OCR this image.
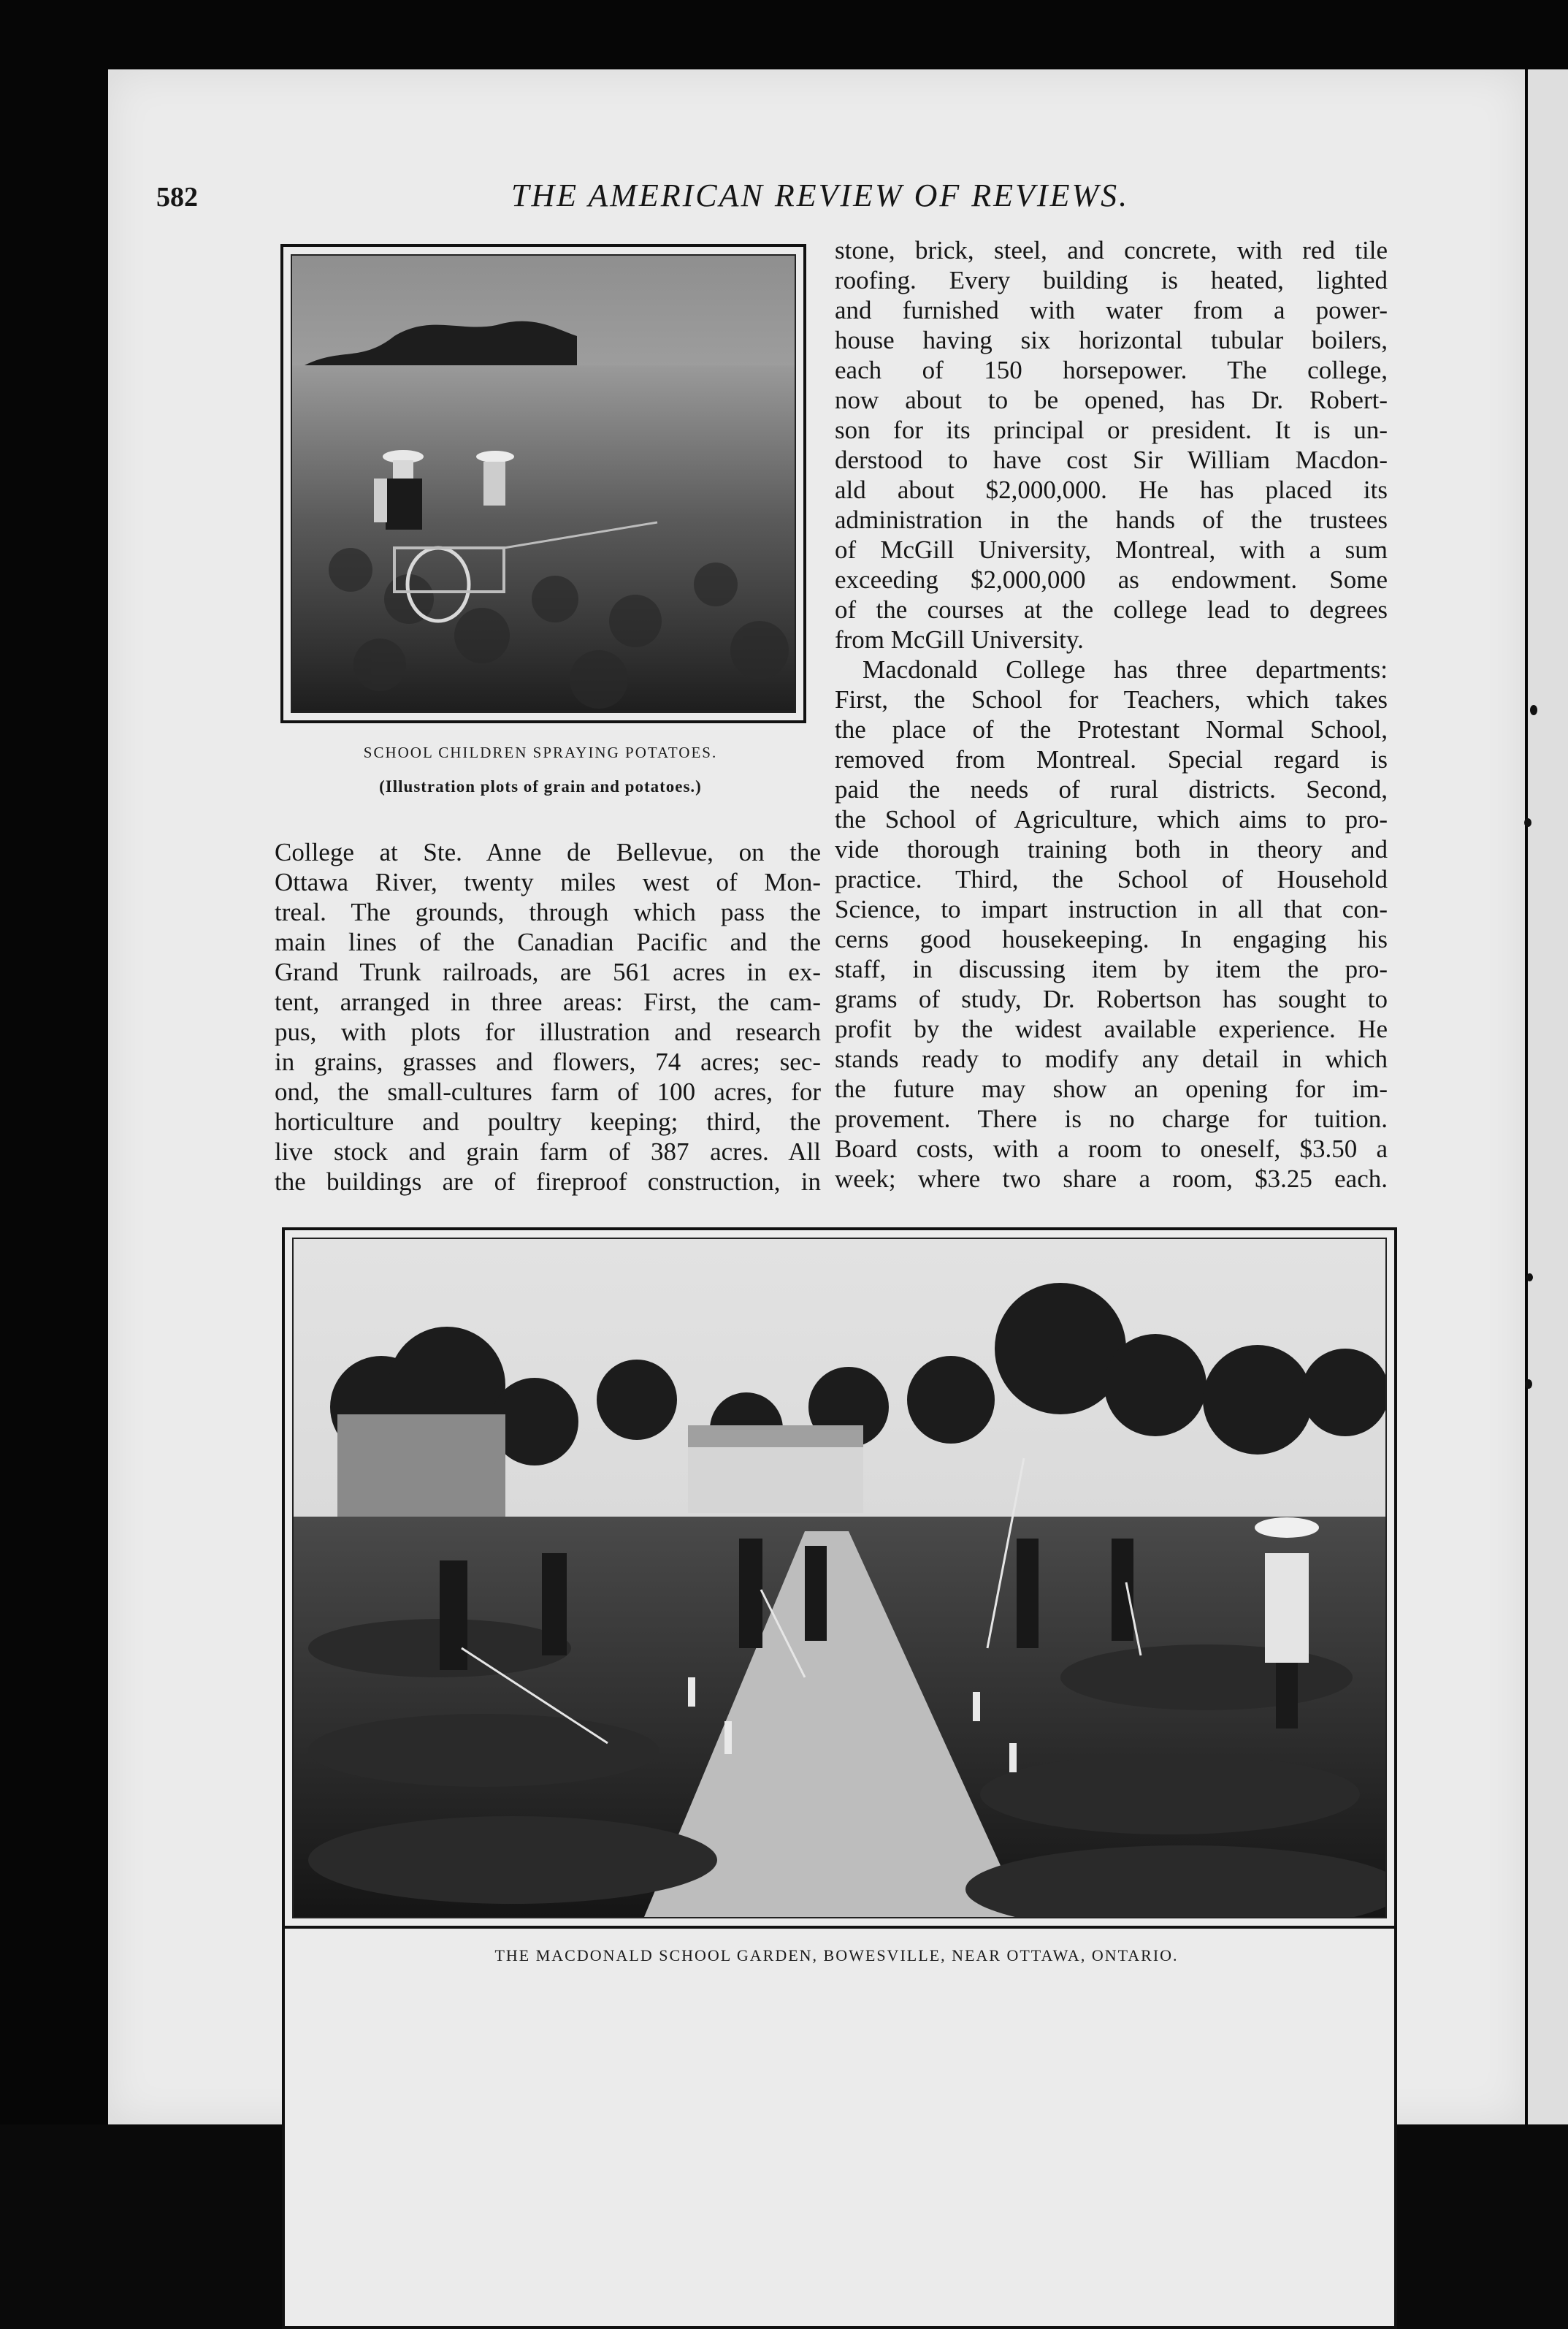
582	THE AMERICAN REVIEW OF REVIEWS.
SCHOOL CHILDREN SPRAYING POTATOES.
(Illustration plots of grain and potatoes.)
College at Ste. Anne de Bellevue, on the
Ottawa River, twenty miles west of Mon-
treal. The grounds, through which pass the
main lines of the Canadian Pacific and the
Grand Trunk railroads, are 561 acres in ex-
tent, arranged in three areas: First, the cam-
pus, with plots for illustration and research
in grains, grasses and flowers, 74 acres; sec-
ond, the small-cultures farm of 100 acres, for
horticulture and poultry keeping; third, the
live stock and grain farm of 387 acres. All
the buildings are of fireproof construction, in
stone, brick, steel, and concrete, with red tile
roofing. Every building is heated, lighted
and furnished with water from a power-
house having six horizontal tubular boilers,
each of 150 horsepower. The college,
now about to be opened, has Dr. Robert-
son for its principal or president. It is un-
derstood to have cost Sir William Macdon-
ald about $2,000,000. He has placed its
administration in the hands of the trustees
of McGill University, Montreal, with a sum
exceeding $2,000,000 as endowment. Some
of the courses at the college lead to degrees
from McGill University.
Macdonald College has three departments:
First, the School for Teachers, which takes
the place of the Protestant Normal School,
removed from Montreal. Special regard is
paid the needs of rural districts. Second,
the School of Agriculture, which aims to pro-
vide thorough training both in theory and
practice. Third, the School of Household
Science, to impart instruction in all that con-
cerns good housekeeping. In engaging his
staff, in discussing item by item the pro-
grams of study, Dr. Robertson has sought to
profit by the widest available experience. He
stands ready to modify any detail in which
the future may show an opening for im-
provement. There is no charge for tuition.
Board costs, with a room to oneself, $3.50 a
week; where two share a room, $3.25 each.
THE MACDONALD SCHOOL GARDEN, BOWESVILLE, NEAR OTTAWA, ONTARIO.
